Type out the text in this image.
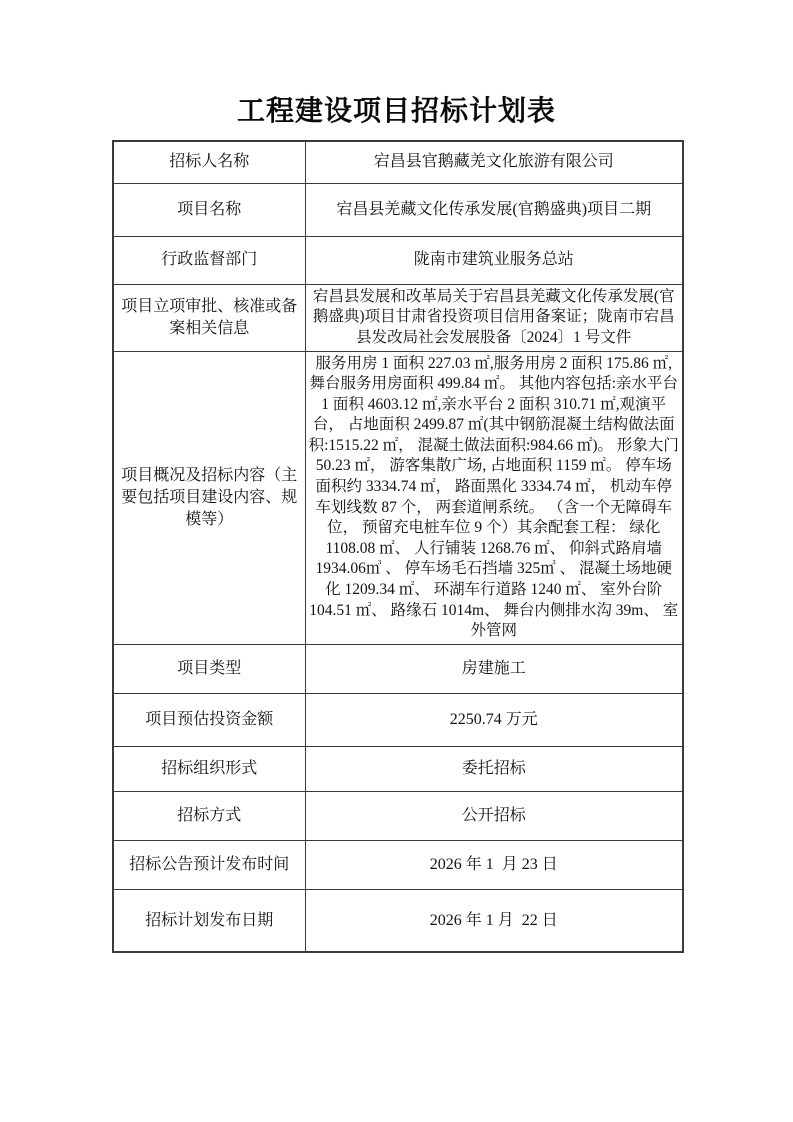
工程建设项目招标计划表
招标人名称	宕昌县官鹅藏羌文化旅游有限公司
项目名称	宕昌县羌藏文化传承发展(官鹅盛典)项目二期
行政监督部门	陇南市建筑业服务总站
项目立项审批、核准或备案相关信息	宕昌县发展和改革局关于宕昌县羌藏文化传承发展(官鹅盛典)项目甘肃省投资项目信用备案证；陇南市宕昌县发改局社会发展股备〔2024〕1 号文件
项目概况及招标内容（主要包括项目建设内容、规模等）	服务用房 1 面积 227.03 ㎡,服务用房 2 面积 175.86 ㎡,舞台服务用房面积 499.84 ㎡。 其他内容包括:亲水平台 1 面积 4603.12 ㎡,亲水平台 2 面积 310.71 ㎡,观演平台， 占地面积 2499.87 ㎡(其中钢筋混凝土结构做法面积:1515.22 ㎡， 混凝土做法面积:984.66 ㎡)。 形象大门 50.23 ㎡， 游客集散广场, 占地面积 1159 ㎡。 停车场面积约 3334.74 ㎡， 路面黑化 3334.74 ㎡， 机动车停车划线数 87 个， 两套道闸系统。 （含一个无障碍车位， 预留充电桩车位 9 个）其余配套工程： 绿化 1108.08 ㎡、 人行铺装 1268.76 ㎡、 仰斜式路肩墙 1934.06㎥ 、 停车场毛石挡墙 325㎥ 、 混凝土场地硬化 1209.34 ㎡、 环湖车行道路 1240 ㎡、 室外台阶 104.51 ㎡、 路缘石 1014m、 舞台内侧排水沟 39m、 室外管网
项目类型	房建施工
项目预估投资金额	2250.74 万元
招标组织形式	委托招标
招标方式	公开招标
招标公告预计发布时间	2026 年 1 月 23 日
招标计划发布日期	2026 年 1 月 22 日
